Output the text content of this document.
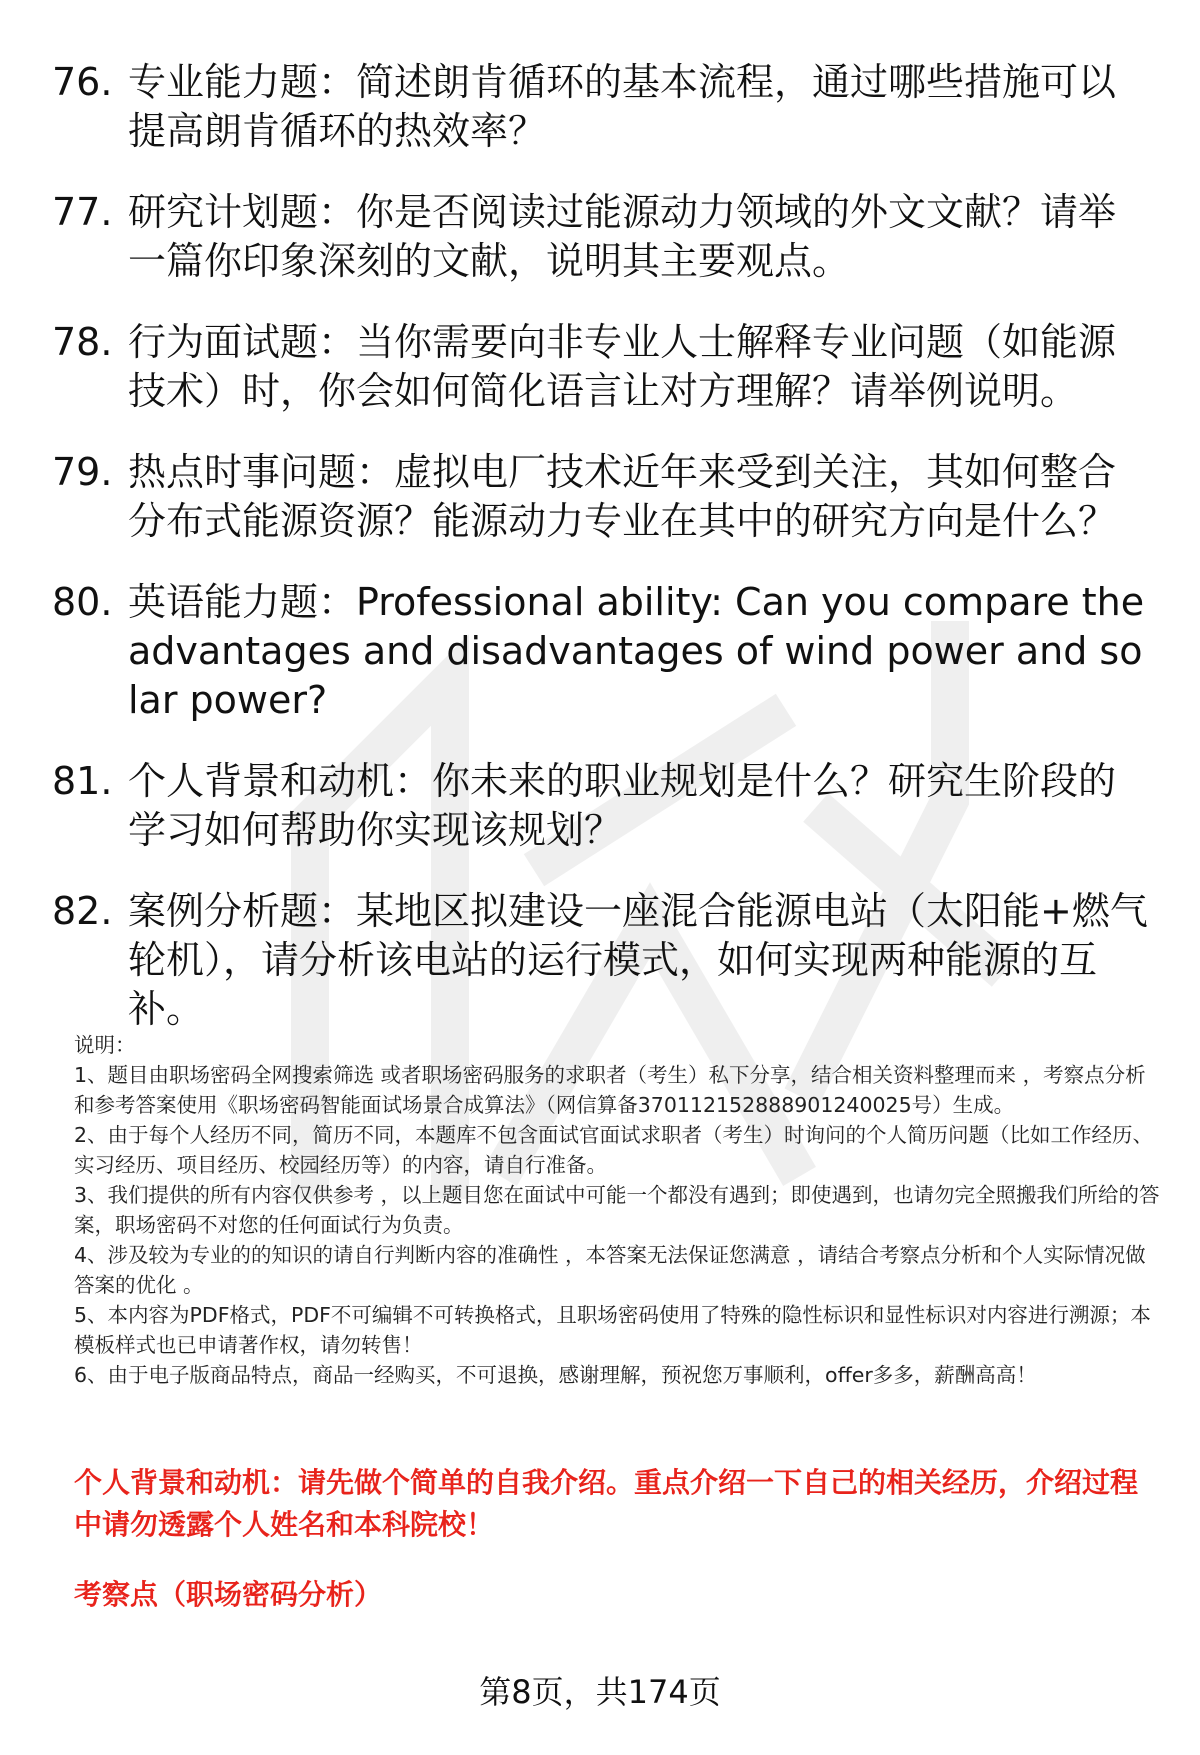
76. 专业能力题：简述朗肯循环的基本流程，通过哪些措施可以提高朗肯循环的热效率？
77. 研究计划题：你是否阅读过能源动力领域的外文文献？请举一篇你印象深刻的文献，说明其主要观点。
78. 行为面试题：当你需要向非专业人士解释专业问题（如能源技术）时，你会如何简化语言让对方理解？请举例说明。
79. 热点时事问题：虚拟电厂技术近年来受到关注，其如何整合分布式能源资源？能源动力专业在其中的研究方向是什么？
80. 英语能力题：Professional ability: Can you compare the advantages and disadvantages of wind power and solar power?
81. 个人背景和动机：你未来的职业规划是什么？研究生阶段的学习如何帮助你实现该规划？
82. 案例分析题：某地区拟建设一座混合能源电站（太阳能+燃气轮机），请分析该电站的运行模式，如何实现两种能源的互补。

说明：

1、题目由职场密码全网搜索筛选 或者职场密码服务的求职者（考生）私下分享，结合相关资料整理而来 ，考察点分析和参考答案使用《职场密码智能面试场景合成算法》（网信算备370112152888901240025号）生成。

2、由于每个人经历不同，简历不同，本题库不包含面试官面试求职者（考生）时询问的个人简历问题（比如工作经历、实习经历、项目经历、校园经历等）的内容，请自行准备。

3、我们提供的所有内容仅供参考 ，以上题目您在面试中可能一个都没有遇到；即使遇到，也请勿完全照搬我们所给的答案，职场密码不对您的任何面试行为负责。

4、涉及较为专业的的知识的请自行判断内容的准确性 ，本答案无法保证您满意 ，请结合考察点分析和个人实际情况做答案的优化 。

5、本内容为PDF格式，PDF不可编辑不可转换格式，且职场密码使用了特殊的隐性标识和显性标识对内容进行溯源；本模板样式也已申请著作权，请勿转售！

6、由于电子版商品特点，商品一经购买，不可退换，感谢理解，预祝您万事顺利，offer多多，薪酬高高！

个人背景和动机：请先做个简单的自我介绍。重点介绍一下自己的相关经历，介绍过程中请勿透露个人姓名和本科院校！
考察点（职场密码分析）
第8页，共174页
